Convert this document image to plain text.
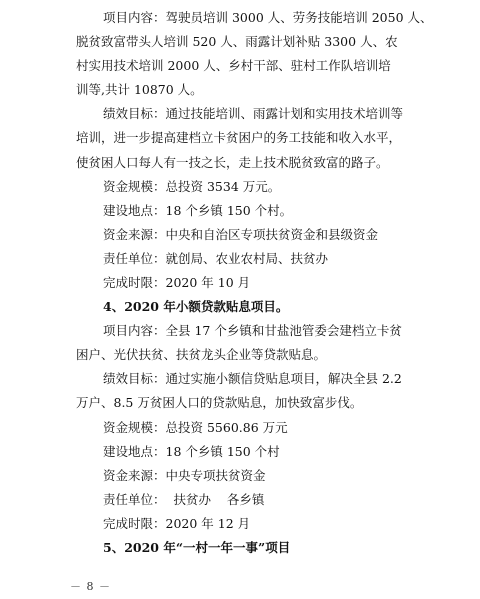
项目内容：驾驶员培训 3000 人、劳务技能培训 2050 人、
脱贫致富带头人培训 520 人、雨露计划补贴 3300 人、农
村实用技术培训 2000 人、乡村干部、驻村工作队培训培
训等,共计 10870 人。
绩效目标：通过技能培训、雨露计划和实用技术培训等
培训，进一步提高建档立卡贫困户的务工技能和收入水平，
使贫困人口每人有一技之长，走上技术脱贫致富的路子。
资金规模：总投资 3534 万元。
建设地点：18 个乡镇 150 个村。
资金来源：中央和自治区专项扶贫资金和县级资金
责任单位：就创局、农业农村局、扶贫办
完成时限：2020 年 10 月
4、2020 年小额贷款贴息项目。
项目内容：全县 17 个乡镇和甘盐池管委会建档立卡贫
困户、光伏扶贫、扶贫龙头企业等贷款贴息。
绩效目标：通过实施小额信贷贴息项目，解决全县 2.2
万户、8.5 万贫困人口的贷款贴息，加快致富步伐。
资金规模：总投资 5560.86 万元
建设地点：18 个乡镇 150 个村
资金来源：中央专项扶贫资金
责任单位：  扶贫办    各乡镇
完成时限：2020 年 12 月
5、2020 年“一村一年一事”项目
－ 8 －
